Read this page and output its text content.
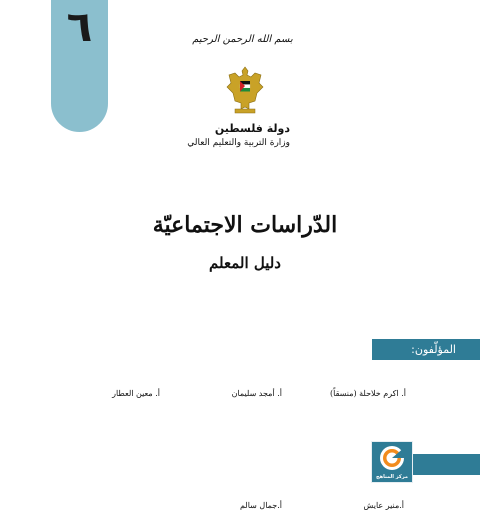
٦	بسم الله الرحمن الرحيم
دولة فلسطين
وزارة التربية والتعليم العالي
الدّراسات الاجتماعيّة
دليل المعلم
المؤلّفون:
أ. اكرم خلاحلة (منسقاً)
أ. أمجد سليمان
أ. معين العطار
أ.منير عايش
أ.جمال سالم
مركز المناهج
